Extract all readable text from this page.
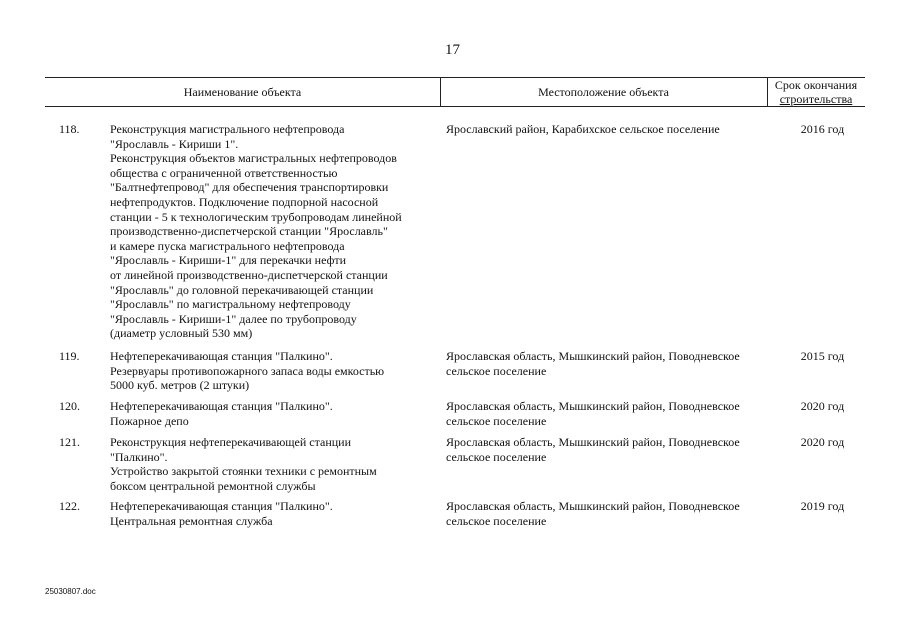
17
Наименование объекта	Местоположение объекта	Срок окончания
строительства
118.	Реконструкция магистрального нефтепровода
"Ярославль - Кириши 1".
Реконструкция объектов магистральных нефтепроводов
общества с ограниченной ответственностью
"Балтнефтепровод" для обеспечения транспортировки
нефтепродуктов. Подключение подпорной насосной
станции - 5 к технологическим трубопроводам линейной
производственно-диспетчерской станции "Ярославль"
и камере пуска магистрального нефтепровода
"Ярославль - Кириши-1" для перекачки нефти
от линейной производственно-диспетчерской станции
"Ярославль" до головной перекачивающей станции
"Ярославль" по магистральному нефтепроводу
"Ярославль - Кириши-1" далее по трубопроводу
(диаметр условный 530 мм)
Ярославский район, Карабихское сельское поселение	2016 год
119.	Нефтеперекачивающая станция "Палкино".
Резервуары противопожарного запаса воды емкостью
5000 куб. метров (2 штуки)
Ярославская область, Мышкинский район, Поводневское
сельское поселение
2015 год
120.	Нефтеперекачивающая станция "Палкино".
Пожарное депо
Ярославская область, Мышкинский район, Поводневское
сельское поселение
2020 год
121.	Реконструкция нефтеперекачивающей станции
"Палкино".
Устройство закрытой стоянки техники с ремонтным
боксом центральной ремонтной службы
Ярославская область, Мышкинский район, Поводневское
сельское поселение
2020 год
122.	Нефтеперекачивающая станция "Палкино".
Центральная ремонтная служба
Ярославская область, Мышкинский район, Поводневское
сельское поселение
2019 год
25030807.doc
